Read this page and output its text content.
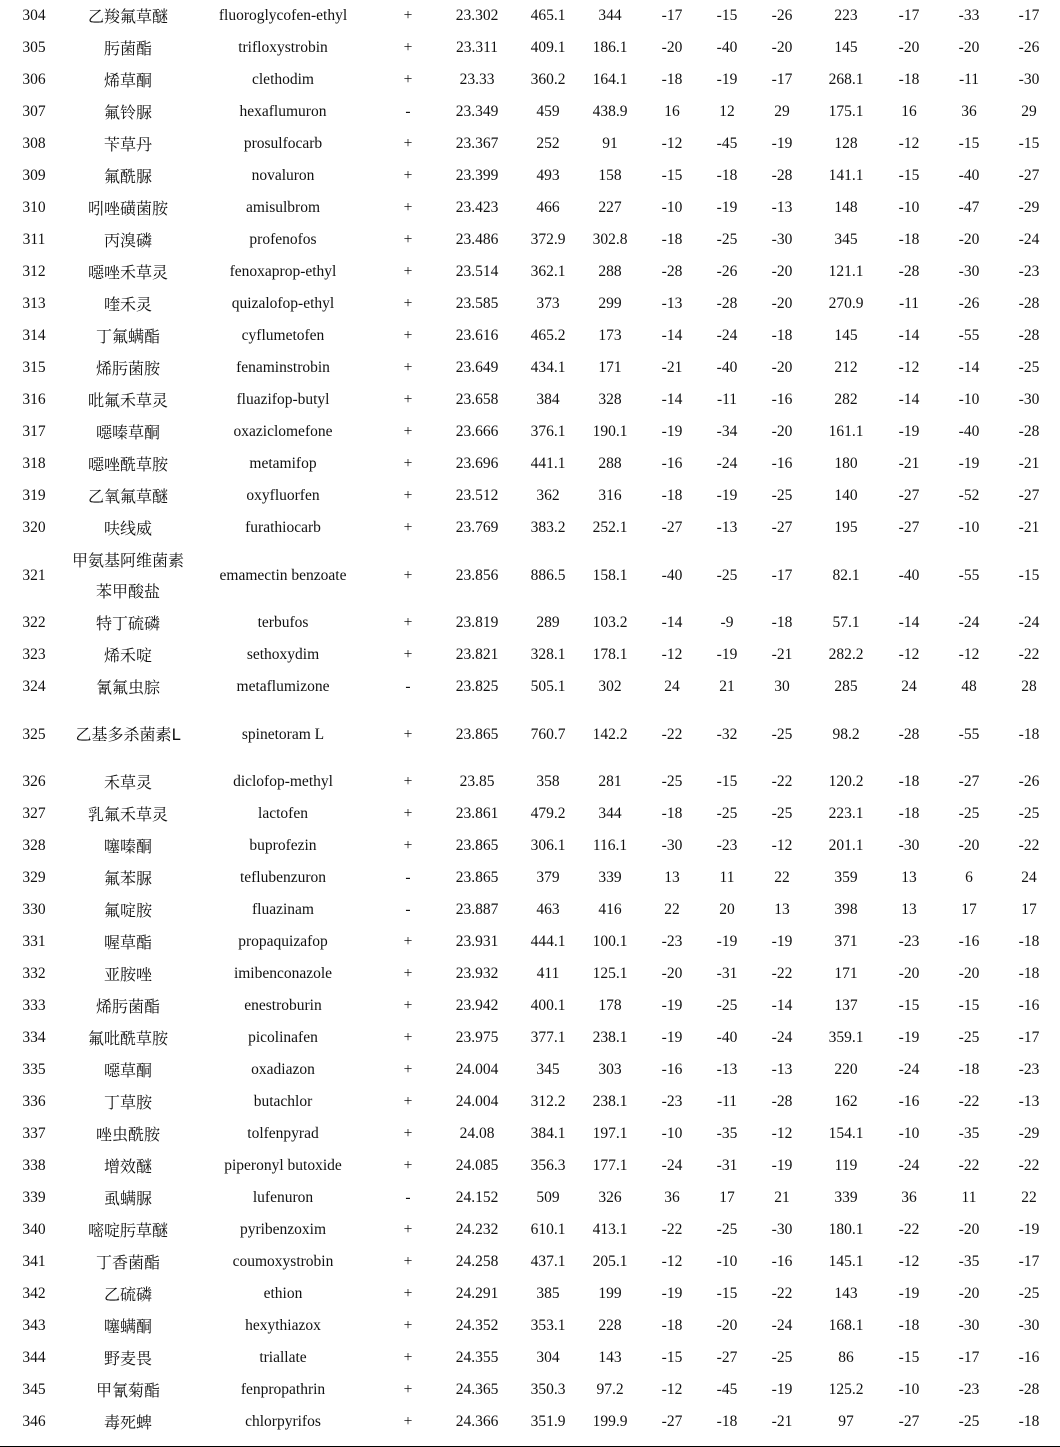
304	乙羧氟草醚	fluoroglycofen-ethyl	+	23.302	465.1	344	-17	-15	-26	223	-17	-33	-17
305	肟菌酯	trifloxystrobin	+	23.311	409.1	186.1	-20	-40	-20	145	-20	-20	-26
306	烯草酮	clethodim	+	23.33	360.2	164.1	-18	-19	-17	268.1	-18	-11	-30
307	氟铃脲	hexaflumuron	-	23.349	459	438.9	16	12	29	175.1	16	36	29
308	苄草丹	prosulfocarb	+	23.367	252	91	-12	-45	-19	128	-12	-15	-15
309	氟酰脲	novaluron	+	23.399	493	158	-15	-18	-28	141.1	-15	-40	-27
310	吲唑磺菌胺	amisulbrom	+	23.423	466	227	-10	-19	-13	148	-10	-47	-29
311	丙溴磷	profenofos	+	23.486	372.9	302.8	-18	-25	-30	345	-18	-20	-24
312	噁唑禾草灵	fenoxaprop-ethyl	+	23.514	362.1	288	-28	-26	-20	121.1	-28	-30	-23
313	喹禾灵	quizalofop-ethyl	+	23.585	373	299	-13	-28	-20	270.9	-11	-26	-28
314	丁氟螨酯	cyflumetofen	+	23.616	465.2	173	-14	-24	-18	145	-14	-55	-28
315	烯肟菌胺	fenaminstrobin	+	23.649	434.1	171	-21	-40	-20	212	-12	-14	-25
316	吡氟禾草灵	fluazifop-butyl	+	23.658	384	328	-14	-11	-16	282	-14	-10	-30
317	噁嗪草酮	oxaziclomefone	+	23.666	376.1	190.1	-19	-34	-20	161.1	-19	-40	-28
318	噁唑酰草胺	metamifop	+	23.696	441.1	288	-16	-24	-16	180	-21	-19	-21
319	乙氧氟草醚	oxyfluorfen	+	23.512	362	316	-18	-19	-25	140	-27	-52	-27
320	呋线威	furathiocarb	+	23.769	383.2	252.1	-27	-13	-27	195	-27	-10	-21
321	甲氨基阿维菌素苯甲酸盐	emamectin benzoate	+	23.856	886.5	158.1	-40	-25	-17	82.1	-40	-55	-15
322	特丁硫磷	terbufos	+	23.819	289	103.2	-14	-9	-18	57.1	-14	-24	-24
323	烯禾啶	sethoxydim	+	23.821	328.1	178.1	-12	-19	-21	282.2	-12	-12	-22
324	氰氟虫腙	metaflumizone	-	23.825	505.1	302	24	21	30	285	24	48	28
325	乙基多杀菌素L	spinetoram L	+	23.865	760.7	142.2	-22	-32	-25	98.2	-28	-55	-18
326	禾草灵	diclofop-methyl	+	23.85	358	281	-25	-15	-22	120.2	-18	-27	-26
327	乳氟禾草灵	lactofen	+	23.861	479.2	344	-18	-25	-25	223.1	-18	-25	-25
328	噻嗪酮	buprofezin	+	23.865	306.1	116.1	-30	-23	-12	201.1	-30	-20	-22
329	氟苯脲	teflubenzuron	-	23.865	379	339	13	11	22	359	13	6	24
330	氟啶胺	fluazinam	-	23.887	463	416	22	20	13	398	13	17	17
331	喔草酯	propaquizafop	+	23.931	444.1	100.1	-23	-19	-19	371	-23	-16	-18
332	亚胺唑	imibenconazole	+	23.932	411	125.1	-20	-31	-22	171	-20	-20	-18
333	烯肟菌酯	enestroburin	+	23.942	400.1	178	-19	-25	-14	137	-15	-15	-16
334	氟吡酰草胺	picolinafen	+	23.975	377.1	238.1	-19	-40	-24	359.1	-19	-25	-17
335	噁草酮	oxadiazon	+	24.004	345	303	-16	-13	-13	220	-24	-18	-23
336	丁草胺	butachlor	+	24.004	312.2	238.1	-23	-11	-28	162	-16	-22	-13
337	唑虫酰胺	tolfenpyrad	+	24.08	384.1	197.1	-10	-35	-12	154.1	-10	-35	-29
338	增效醚	piperonyl butoxide	+	24.085	356.3	177.1	-24	-31	-19	119	-24	-22	-22
339	虱螨脲	lufenuron	-	24.152	509	326	36	17	21	339	36	11	22
340	嘧啶肟草醚	pyribenzoxim	+	24.232	610.1	413.1	-22	-25	-30	180.1	-22	-20	-19
341	丁香菌酯	coumoxystrobin	+	24.258	437.1	205.1	-12	-10	-16	145.1	-12	-35	-17
342	乙硫磷	ethion	+	24.291	385	199	-19	-15	-22	143	-19	-20	-25
343	噻螨酮	hexythiazox	+	24.352	353.1	228	-18	-20	-24	168.1	-18	-30	-30
344	野麦畏	triallate	+	24.355	304	143	-15	-27	-25	86	-15	-17	-16
345	甲氰菊酯	fenpropathrin	+	24.365	350.3	97.2	-12	-45	-19	125.2	-10	-23	-28
346	毒死蜱	chlorpyrifos	+	24.366	351.9	199.9	-27	-18	-21	97	-27	-25	-18
